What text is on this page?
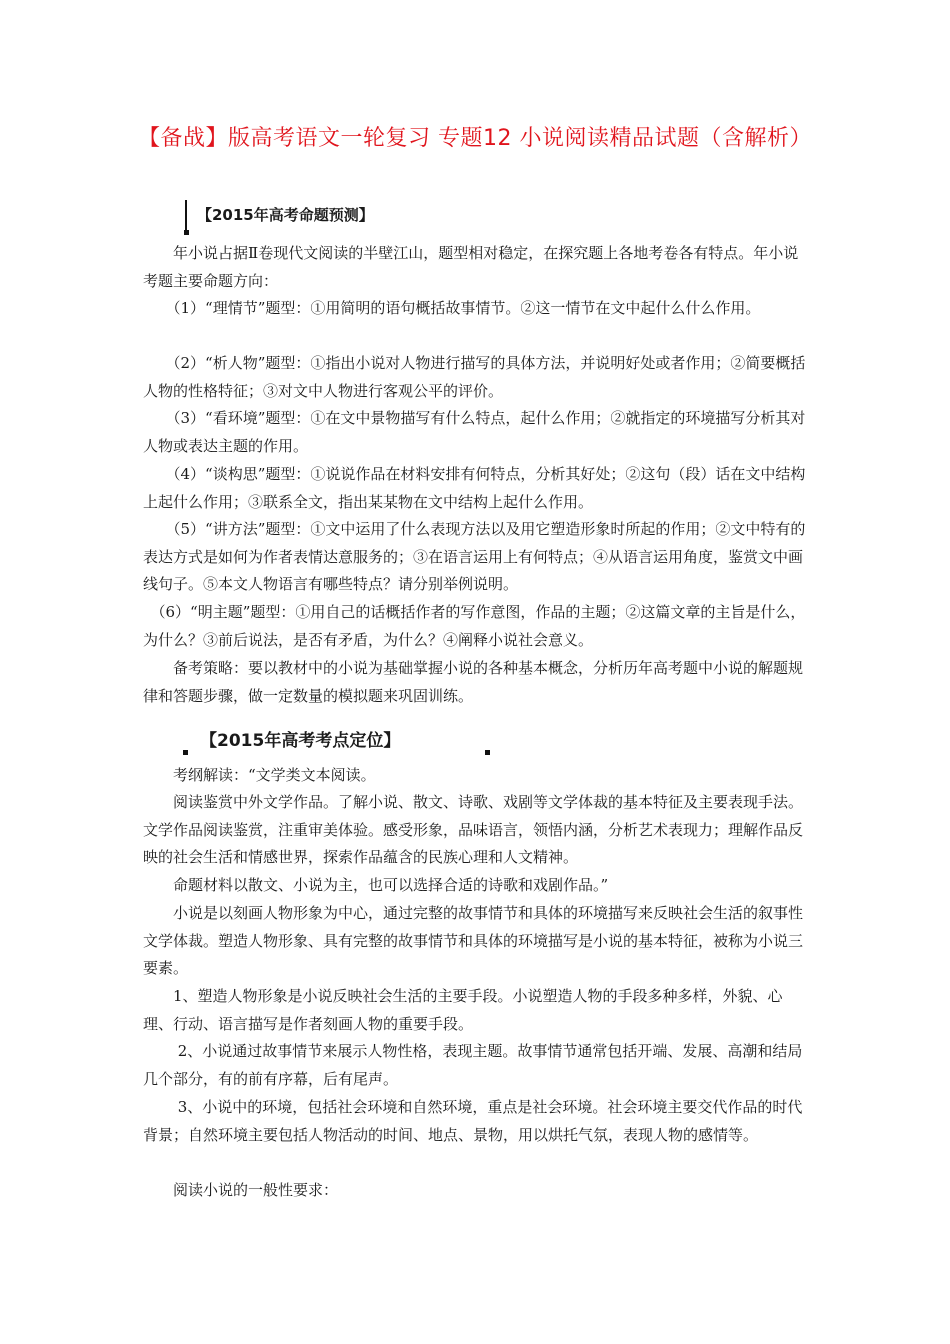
【备战】版高考语文一轮复习 专题12 小说阅读精品试题（含解析）
【2015年高考命题预测】

　　年小说占据Ⅱ卷现代文阅读的半壁江山，题型相对稳定，在探究题上各地考卷各有特点。年小说考题主要命题方向：

　　（1）“理情节”题型：①用简明的语句概括故事情节。②这一情节在文中起什么什么作用。

　　（2）“析人物”题型：①指出小说对人物进行描写的具体方法，并说明好处或者作用；②简要概括人物的性格特征；③对文中人物进行客观公平的评价。

　　（3）“看环境”题型：①在文中景物描写有什么特点，起什么作用；②就指定的环境描写分析其对人物或表达主题的作用。

　　（4）“谈构思”题型：①说说作品在材料安排有何特点，分析其好处；②这句（段）话在文中结构上起什么作用；③联系全文，指出某某物在文中结构上起什么作用。

　　（5）“讲方法”题型：①文中运用了什么表现方法以及用它塑造形象时所起的作用；②文中特有的表达方式是如何为作者表情达意服务的；③在语言运用上有何特点；④从语言运用角度，鉴赏文中画线句子。⑤本文人物语言有哪些特点？请分别举例说明。

　（6）“明主题”题型：①用自己的话概括作者的写作意图，作品的主题；②这篇文章的主旨是什么，为什么？③前后说法，是否有矛盾，为什么？④阐释小说社会意义。

　　备考策略：要以教材中的小说为基础掌握小说的各种基本概念，分析历年高考题中小说的解题规律和答题步骤，做一定数量的模拟题来巩固训练。

【2015年高考考点定位】

　　考纲解读：“文学类文本阅读。

　　阅读鉴赏中外文学作品。了解小说、散文、诗歌、戏剧等文学体裁的基本特征及主要表现手法。文学作品阅读鉴赏，注重审美体验。感受形象，品味语言，领悟内涵，分析艺术表现力；理解作品反映的社会生活和情感世界，探索作品蕴含的民族心理和人文精神。

　　命题材料以散文、小说为主，也可以选择合适的诗歌和戏剧作品。”

　　小说是以刻画人物形象为中心，通过完整的故事情节和具体的环境描写来反映社会生活的叙事性文学体裁。塑造人物形象、具有完整的故事情节和具体的环境描写是小说的基本特征，被称为小说三要素。

　　1、塑造人物形象是小说反映社会生活的主要手段。小说塑造人物的手段多种多样，外貌、心理、行动、语言描写是作者刻画人物的重要手段。

　　 2、小说通过故事情节来展示人物性格，表现主题。故事情节通常包括开端、发展、高潮和结局几个部分，有的前有序幕，后有尾声。

　　 3、小说中的环境，包括社会环境和自然环境，重点是社会环境。社会环境主要交代作品的时代背景；自然环境主要包括人物活动的时间、地点、景物，用以烘托气氛，表现人物的感情等。

　　阅读小说的一般性要求：
